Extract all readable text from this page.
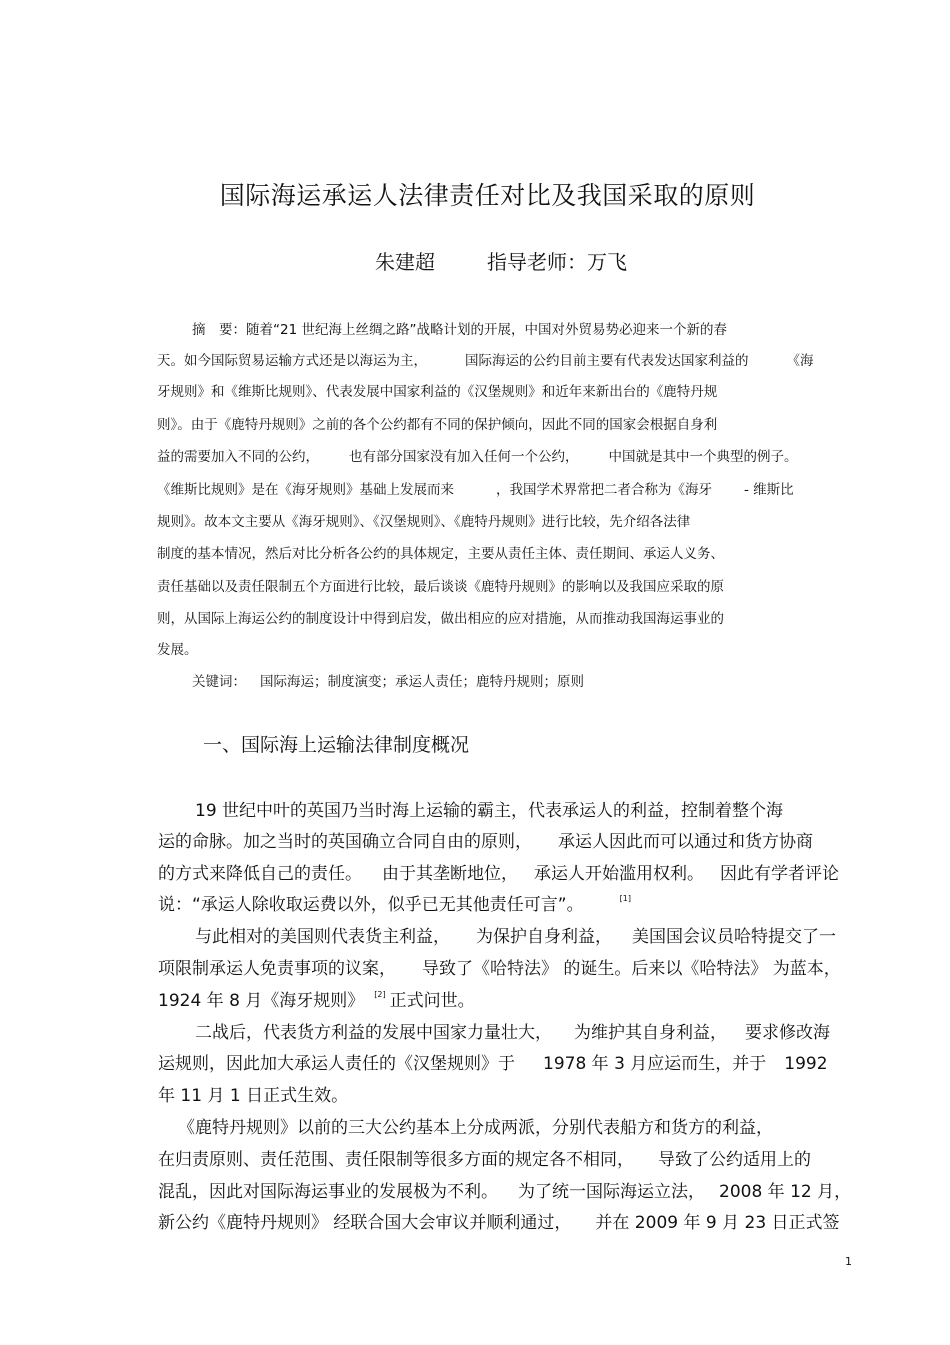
国际海运承运人法律责任对比及我国采取的原则
朱建超	指导老师：万飞
摘　要：随着“21 世纪海上丝绸之路”战略计划的开展，中国对外贸易势必迎来一个新的春
天。如今国际贸易运输方式还是以海运为主，	国际海运的公约目前主要有代表发达国家利益的	《海
牙规则》和《维斯比规则》、代表发展中国家利益的《汉堡规则》和近年来新出台的《鹿特丹规
则》。由于《鹿特丹规则》之前的各个公约都有不同的保护倾向，因此不同的国家会根据自身利
益的需要加入不同的公约， 也有部分国家没有加入任何一个公约， 中国就是其中一个典型的例子。
《维斯比规则》是在《海牙规则》基础上发展而来	，我国学术界常把二者合称为《海牙 - 维斯比
规则》。故本文主要从《海牙规则》、《汉堡规则》、《鹿特丹规则》进行比较，先介绍各法律
制度的基本情况，然后对比分析各公约的具体规定，主要从责任主体、责任期间、承运人义务、
责任基础以及责任限制五个方面进行比较，最后谈谈《鹿特丹规则》的影响以及我国应采取的原
则，从国际上海运公约的制度设计中得到启发，做出相应的应对措施，从而推动我国海运事业的
发展。
关键词： 国际海运；制度演变；承运人责任；鹿特丹规则；原则
一、国际海上运输法律制度概况
19 世纪中叶的英国乃当时海上运输的霸主，代表承运人的利益，控制着整个海
运的命脉。加之当时的英国确立合同自由的原则， 承运人因此而可以通过和货方协商
的方式来降低自己的责任。 由于其垄断地位， 承运人开始滥用权利。 因此有学者评论
说：“承运人除收取运费以外，似乎已无其他责任可言”。	[1]
与此相对的美国则代表货主利益， 为保护自身利益， 美国国会议员哈特提交了一
项限制承运人免责事项的议案， 导致了《哈特法》 的诞生。后来以《哈特法》 为蓝本，
1924 年 8 月《海牙规则》 [2] 正式问世。
二战后，代表货方利益的发展中国家力量壮大， 为维护其自身利益， 要求修改海
运规则，因此加大承运人责任的《汉堡规则》于 1978 年 3 月应运而生，并于 1992
年 11 月 1 日正式生效。
《鹿特丹规则》以前的三大公约基本上分成两派，分别代表船方和货方的利益，
在归责原则、责任范围、责任限制等很多方面的规定各不相同， 导致了公约适用上的
混乱，因此对国际海运事业的发展极为不利。 为了统一国际海运立法， 2008 年 12 月，
新公约《鹿特丹规则》 经联合国大会审议并顺利通过， 并在 2009 年 9 月 23 日正式签
1
